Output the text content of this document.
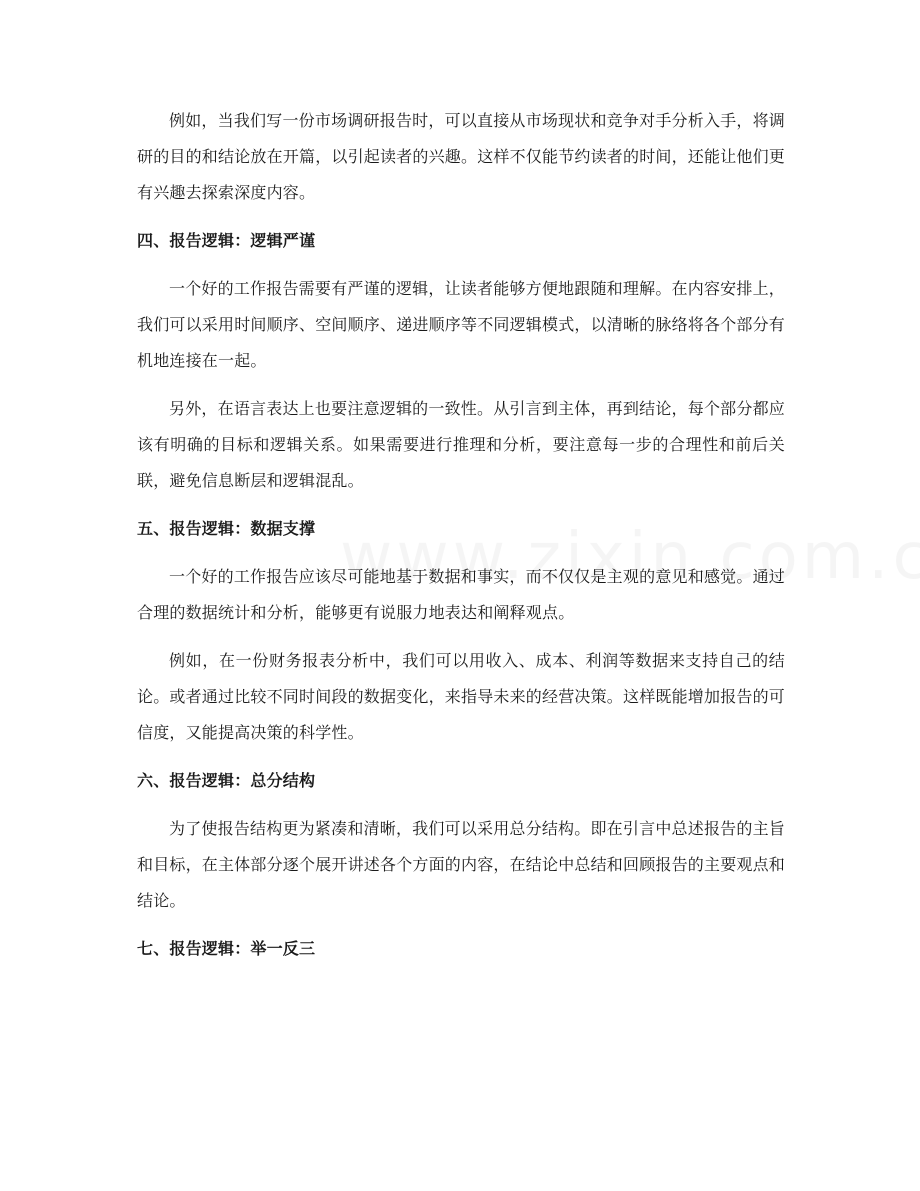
例如，当我们写一份市场调研报告时，可以直接从市场现状和竞争对手分析入手，将调研的目的和结论放在开篇，以引起读者的兴趣。这样不仅能节约读者的时间，还能让他们更有兴趣去探索深度内容。

四、报告逻辑：逻辑严谨

一个好的工作报告需要有严谨的逻辑，让读者能够方便地跟随和理解。在内容安排上，我们可以采用时间顺序、空间顺序、递进顺序等不同逻辑模式，以清晰的脉络将各个部分有机地连接在一起。

另外，在语言表达上也要注意逻辑的一致性。从引言到主体，再到结论，每个部分都应该有明确的目标和逻辑关系。如果需要进行推理和分析，要注意每一步的合理性和前后关联，避免信息断层和逻辑混乱。

五、报告逻辑：数据支撑

一个好的工作报告应该尽可能地基于数据和事实，而不仅仅是主观的意见和感觉。通过合理的数据统计和分析，能够更有说服力地表达和阐释观点。

例如，在一份财务报表分析中，我们可以用收入、成本、利润等数据来支持自己的结论。或者通过比较不同时间段的数据变化，来指导未来的经营决策。这样既能增加报告的可信度，又能提高决策的科学性。

六、报告逻辑：总分结构

为了使报告结构更为紧凑和清晰，我们可以采用总分结构。即在引言中总述报告的主旨和目标，在主体部分逐个展开讲述各个方面的内容，在结论中总结和回顾报告的主要观点和结论。

七、报告逻辑：举一反三
